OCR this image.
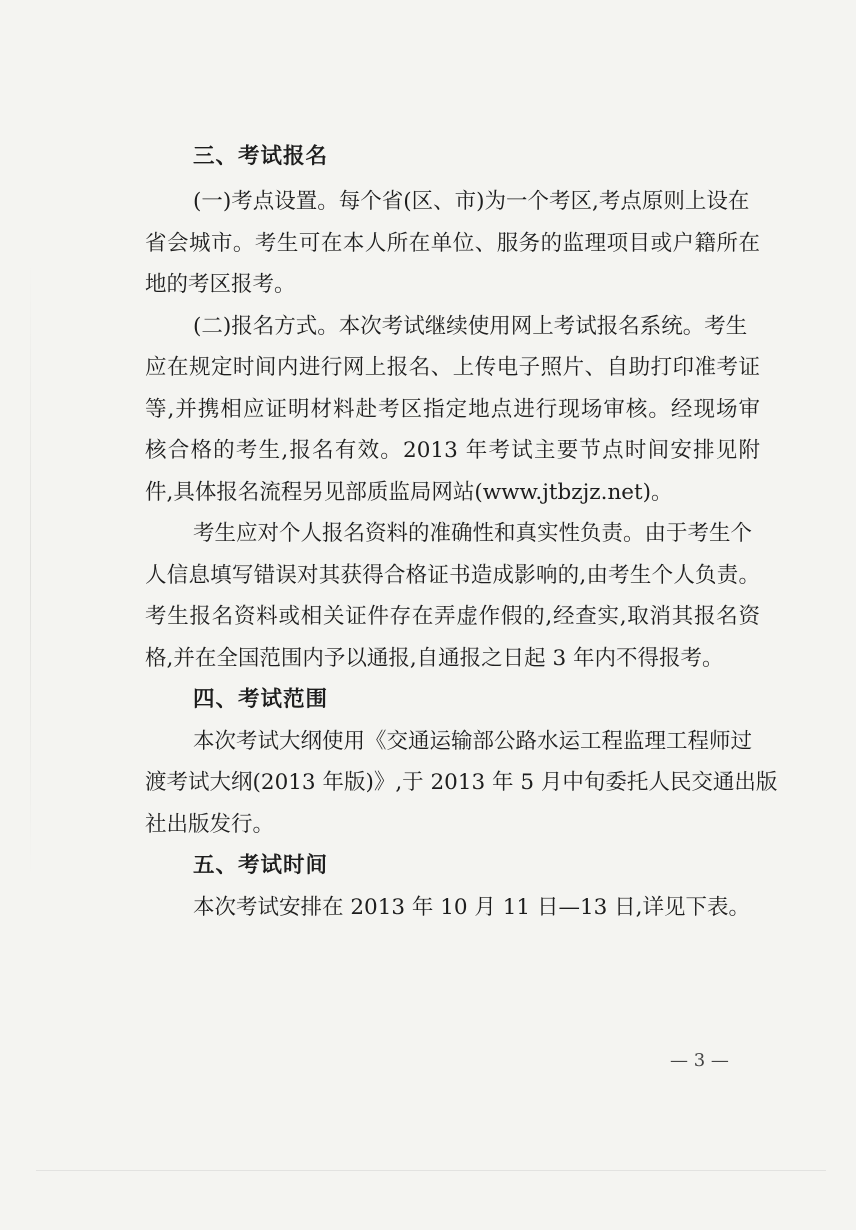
三、考试报名
(一)考点设置。每个省(区、市)为一个考区,考点原则上设在
省会城市。考生可在本人所在单位、服务的监理项目或户籍所在
地的考区报考。
(二)报名方式。本次考试继续使用网上考试报名系统。考生
应在规定时间内进行网上报名、上传电子照片、自助打印准考证
等,并携相应证明材料赴考区指定地点进行现场审核。经现场审
核合格的考生,报名有效。2013 年考试主要节点时间安排见附
件,具体报名流程另见部质监局网站(www.jtbzjz.net)。
考生应对个人报名资料的准确性和真实性负责。由于考生个
人信息填写错误对其获得合格证书造成影响的,由考生个人负责。
考生报名资料或相关证件存在弄虚作假的,经查实,取消其报名资
格,并在全国范围内予以通报,自通报之日起 3 年内不得报考。
四、考试范围
本次考试大纲使用《交通运输部公路水运工程监理工程师过
渡考试大纲(2013 年版)》,于 2013 年 5 月中旬委托人民交通出版
社出版发行。
五、考试时间
本次考试安排在 2013 年 10 月 11 日—13 日,详见下表。
— 3 —
